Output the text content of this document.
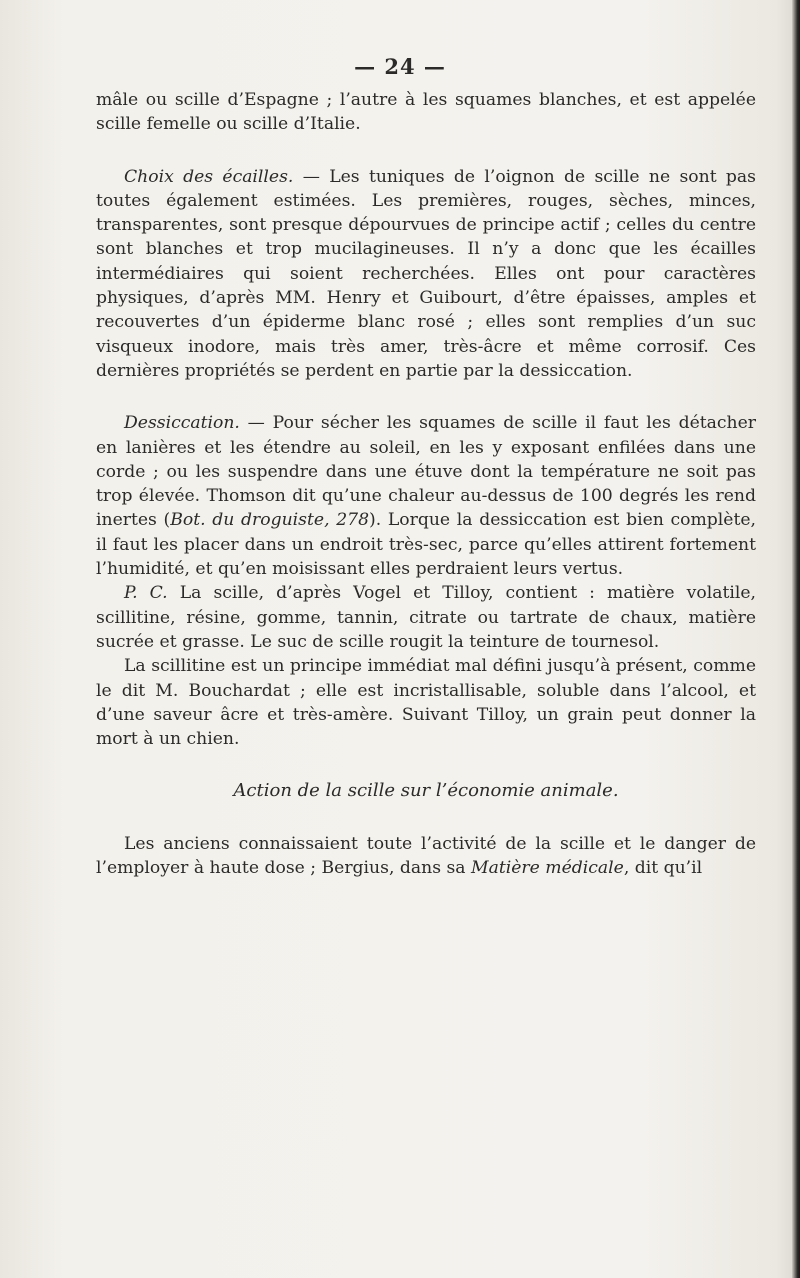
— 24 —

mâle ou scille d’Espagne ; l’autre à les squames blanches, et est appelée scille femelle ou scille d’Italie.

Choix des écailles. — Les tuniques de l’oignon de scille ne sont pas toutes également estimées. Les premières, rouges, sèches, minces, transparentes, sont presque dépourvues de principe actif ; celles du centre sont blanches et trop mucilagineuses. Il n’y a donc que les écailles intermédiaires qui soient recherchées. Elles ont pour caractères physiques, d’après MM. Henry et Guibourt, d’être épaisses, amples et recouvertes d’un épiderme blanc rosé ; elles sont remplies d’un suc visqueux inodore, mais très amer, très-âcre et même corrosif. Ces dernières propriétés se perdent en partie par la dessiccation.

Dessiccation. — Pour sécher les squames de scille il faut les détacher en lanières et les étendre au soleil, en les y exposant enfilées dans une corde ; ou les suspendre dans une étuve dont la température ne soit pas trop élevée. Thomson dit qu’une chaleur au-dessus de 100 degrés les rend inertes (Bot. du droguiste, 278). Lorque la dessiccation est bien complète, il faut les placer dans un endroit très-sec, parce qu’elles attirent fortement l’humidité, et qu’en moisissant elles perdraient leurs vertus.

P. C. La scille, d’après Vogel et Tilloy, contient : matière volatile, scillitine, résine, gomme, tannin, citrate ou tartrate de chaux, matière sucrée et grasse. Le suc de scille rougit la teinture de tournesol.

La scillitine est un principe immédiat mal défini jusqu’à présent, comme le dit M. Bouchardat ; elle est incristallisable, soluble dans l’alcool, et d’une saveur âcre et très-amère. Suivant Tilloy, un grain peut donner la mort à un chien.

Action de la scille sur l’économie animale.

Les anciens connaissaient toute l’activité de la scille et le danger de l’employer à haute dose ; Bergius, dans sa Matière médicale, dit qu’il
